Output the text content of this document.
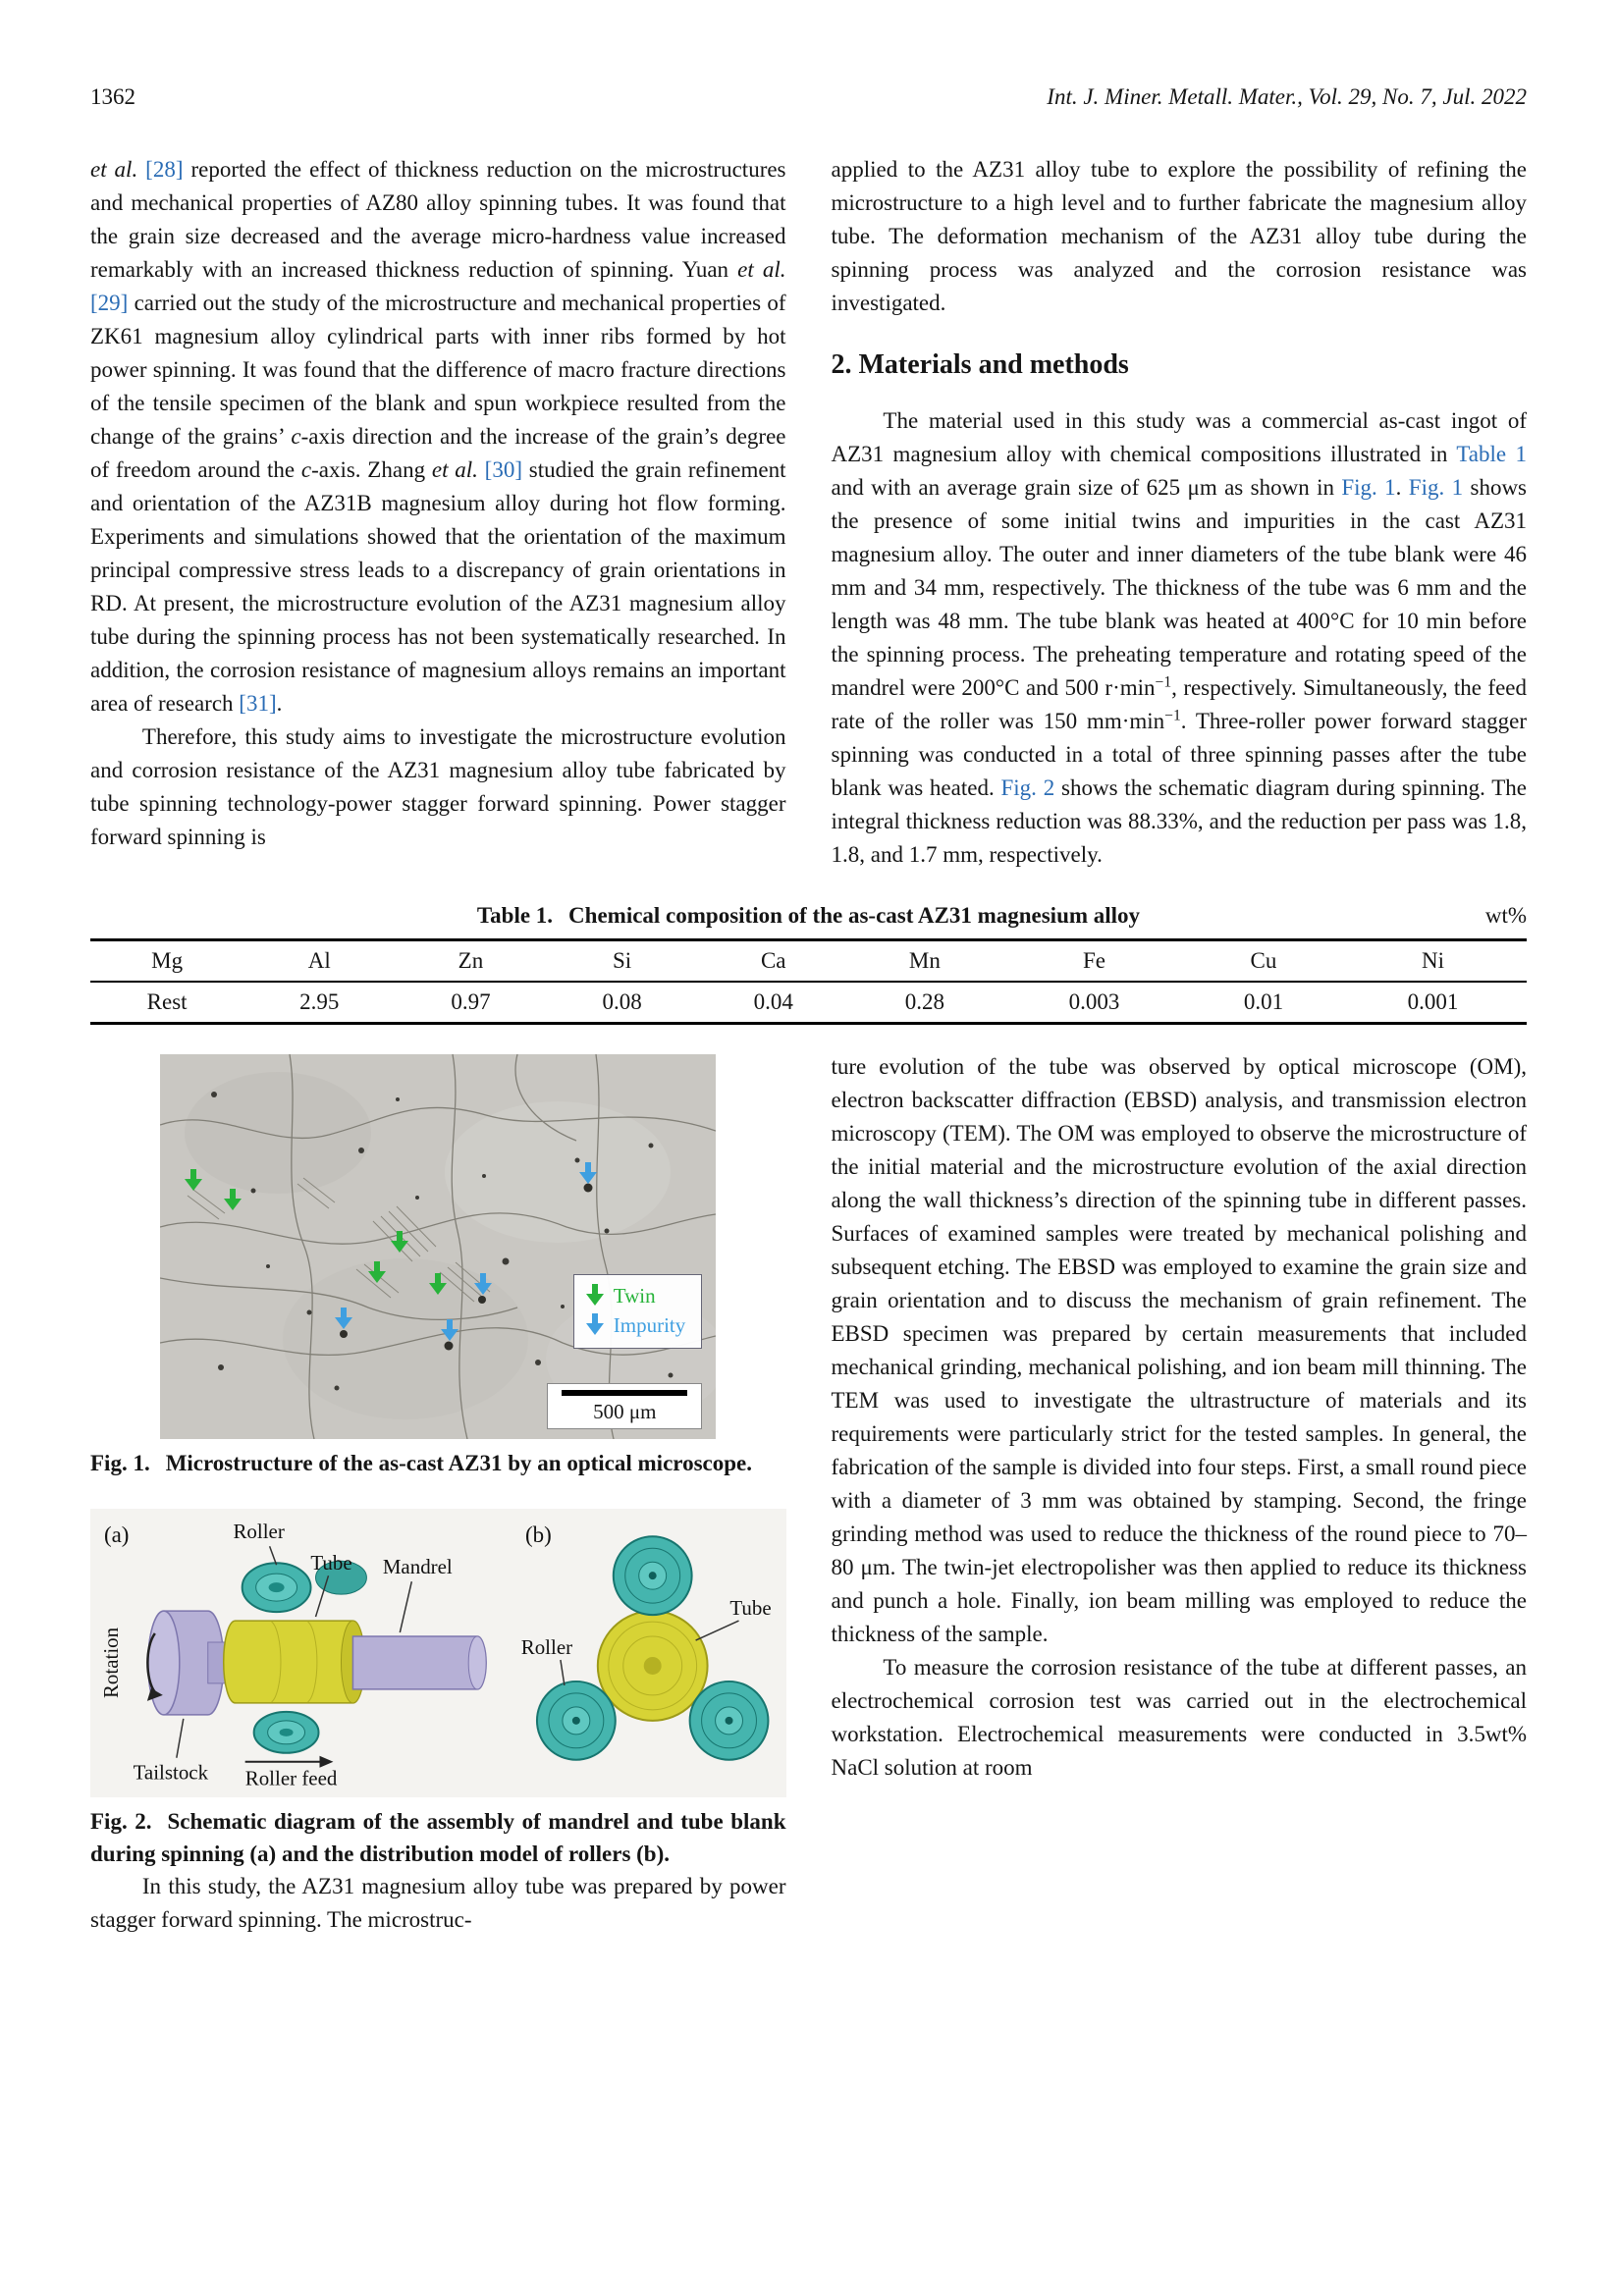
1362	Int. J. Miner. Metall. Mater., Vol. 29, No. 7, Jul. 2022

et al. [28] reported the effect of thickness reduction on the microstructures and mechanical properties of AZ80 alloy spinning tubes. It was found that the grain size decreased and the average micro-hardness value increased remarkably with an increased thickness reduction of spinning. Yuan et al. [29] carried out the study of the microstructure and mechanical properties of ZK61 magnesium alloy cylindrical parts with inner ribs formed by hot power spinning. It was found that the difference of macro fracture directions of the tensile specimen of the blank and spun workpiece resulted from the change of the grains’ c-axis direction and the increase of the grain’s degree of freedom around the c-axis. Zhang et al. [30] studied the grain refinement and orientation of the AZ31B magnesium alloy during hot flow forming. Experiments and simulations showed that the orientation of the maximum principal compressive stress leads to a discrepancy of grain orientations in RD. At present, the microstructure evolution of the AZ31 magnesium alloy tube during the spinning process has not been systematically researched. In addition, the corrosion resistance of magnesium alloys remains an important area of research [31].

Therefore, this study aims to investigate the microstructure evolution and corrosion resistance of the AZ31 magnesium alloy tube fabricated by tube spinning technology-power stagger forward spinning. Power stagger forward spinning is

applied to the AZ31 alloy tube to explore the possibility of refining the microstructure to a high level and to further fabricate the magnesium alloy tube. The deformation mechanism of the AZ31 alloy tube during the spinning process was analyzed and the corrosion resistance was investigated.

2. Materials and methods

The material used in this study was a commercial as-cast ingot of AZ31 magnesium alloy with chemical compositions illustrated in Table 1 and with an average grain size of 625 μm as shown in Fig. 1. Fig. 1 shows the presence of some initial twins and impurities in the cast AZ31 magnesium alloy. The outer and inner diameters of the tube blank were 46 mm and 34 mm, respectively. The thickness of the tube was 6 mm and the length was 48 mm. The tube blank was heated at 400°C for 10 min before the spinning process. The preheating temperature and rotating speed of the mandrel were 200°C and 500 $r\cdot\min^{-1}$, respectively. Simultaneously, the feed rate of the roller was 150 $mm\cdot\min^{-1}$. Three-roller power forward stagger spinning was conducted in a total of three spinning passes after the tube blank was heated. Fig. 2 shows the schematic diagram during spinning. The integral thickness reduction was 88.33%, and the reduction per pass was 1.8, 1.8, and 1.7 mm, respectively.

Table 1. Chemical composition of the as-cast AZ31 magnesium alloy	wt%
Mg	Al	Zn	Si	Ca	Mn	Fe	Cu	Ni
Rest	2.95	0.97	0.08	0.04	0.28	0.003	0.01	0.001
Twin
Impurity
500 μm
Fig. 1. Microstructure of the as-cast AZ31 by an optical microscope.
(a)
Rotation
Roller
Tube Mandrel
Tailstock Roller feed
(b)
Roller
Tube
Fig. 2. Schematic diagram of the assembly of mandrel and tube blank during spinning (a) and the distribution model of rollers (b).

In this study, the AZ31 magnesium alloy tube was prepared by power stagger forward spinning. The microstruc-

ture evolution of the tube was observed by optical microscope (OM), electron backscatter diffraction (EBSD) analysis, and transmission electron microscopy (TEM). The OM was employed to observe the microstructure of the initial material and the microstructure evolution of the axial direction along the wall thickness’s direction of the spinning tube in different passes. Surfaces of examined samples were treated by mechanical polishing and subsequent etching. The EBSD was employed to examine the grain size and grain orientation and to discuss the mechanism of grain refinement. The EBSD specimen was prepared by certain measurements that included mechanical grinding, mechanical polishing, and ion beam mill thinning. The TEM was used to investigate the ultrastructure of materials and its requirements were particularly strict for the tested samples. In general, the fabrication of the sample is divided into four steps. First, a small round piece with a diameter of 3 mm was obtained by stamping. Second, the fringe grinding method was used to reduce the thickness of the round piece to 70–80 μm. The twin-jet electropolisher was then applied to reduce its thickness and punch a hole. Finally, ion beam milling was employed to reduce the thickness of the sample.

To measure the corrosion resistance of the tube at different passes, an electrochemical corrosion test was carried out in the electrochemical workstation. Electrochemical measurements were conducted in 3.5wt% NaCl solution at room
